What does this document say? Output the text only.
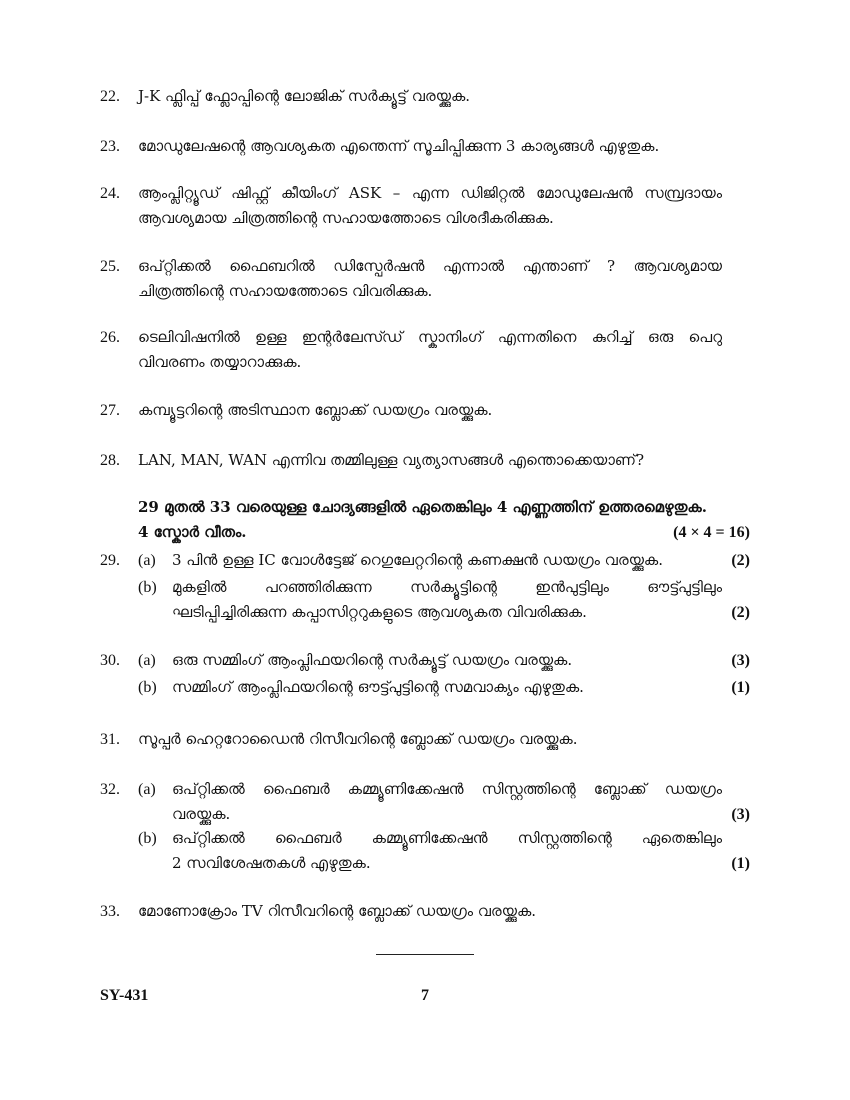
22.	J-K ഫ്ലിപ്പ് ഫ്ലോപ്പിന്റെ ലോജിക് സർക്യൂട്ട് വരയ്ക്കുക.
23.	മോഡുലേഷന്റെ ആവശ്യകത എന്തെന്ന് സൂചിപ്പിക്കുന്ന 3 കാര്യങ്ങൾ എഴുതുക.
24.	ആംപ്ലിറ്റ്യൂഡ് ഷിഫ്റ്റ് കീയിംഗ് ASK – എന്ന ഡിജിറ്റൽ മോഡുലേഷൻ സമ്പ്രദായം
ആവശ്യമായ ചിത്രത്തിന്റെ സഹായത്തോടെ വിശദീകരിക്കുക.
25.	ഒപ്റ്റിക്കൽ ഫൈബറിൽ ഡിസ്പേർഷൻ എന്നാൽ എന്താണ് ? ആവശ്യമായ
ചിത്രത്തിന്റെ സഹായത്തോടെ വിവരിക്കുക.
26.	ടെലിവിഷനിൽ ഉള്ള ഇന്റർലേസ്ഡ് സ്കാനിംഗ് എന്നതിനെ കുറിച്ച് ഒരു പെറു
വിവരണം തയ്യാറാക്കുക.
27.	കമ്പ്യൂട്ടറിന്റെ അടിസ്ഥാന ബ്ലോക്ക് ഡയഗ്രം വരയ്ക്കുക.
28.	LAN, MAN, WAN എന്നിവ തമ്മിലുള്ള വ്യത്യാസങ്ങൾ എന്തൊക്കെയാണ്?
29 മുതൽ 33 വരെയുള്ള ചോദ്യങ്ങളിൽ ഏതെങ്കിലും 4 എണ്ണത്തിന് ഉത്തരമെഴുതുക.
4 സ്കോർ വീതം.	(4 × 4 = 16)
29.	(a)	3 പിൻ ഉള്ള IC വോൾട്ടേജ് റെഗുലേറ്ററിന്റെ കണക്ഷൻ ഡയഗ്രം വരയ്ക്കുക.	(2)
(b)	മുകളിൽ പറഞ്ഞിരിക്കുന്ന സർക്യൂട്ടിന്റെ ഇൻപുട്ടിലും ഔട്ട്പുട്ടിലും
ഘടിപ്പിച്ചിരിക്കുന്ന കപ്പാസിറ്ററുകളുടെ ആവശ്യകത വിവരിക്കുക.	(2)
30.	(a)	ഒരു സമ്മിംഗ് ആംപ്ലിഫയറിന്റെ സർക്യൂട്ട് ഡയഗ്രം വരയ്ക്കുക.	(3)
(b)	സമ്മിംഗ് ആംപ്ലിഫയറിന്റെ ഔട്ട്പുട്ടിന്റെ സമവാക്യം എഴുതുക.	(1)
31.	സൂപ്പർ ഹെറ്ററോഡൈൻ റിസീവറിന്റെ ബ്ലോക്ക് ഡയഗ്രം വരയ്ക്കുക.
32.	(a)	ഒപ്റ്റിക്കൽ ഫൈബർ കമ്മ്യൂണിക്കേഷൻ സിസ്റ്റത്തിന്റെ ബ്ലോക്ക് ഡയഗ്രം
വരയ്ക്കുക.	(3)
(b)	ഒപ്റ്റിക്കൽ ഫൈബർ കമ്മ്യൂണിക്കേഷൻ സിസ്റ്റത്തിന്റെ ഏതെങ്കിലും
2 സവിശേഷതകൾ എഴുതുക.	(1)
33.	മോണോക്രോം TV റിസീവറിന്റെ ബ്ലോക്ക് ഡയഗ്രം വരയ്ക്കുക.
SY-431	7
